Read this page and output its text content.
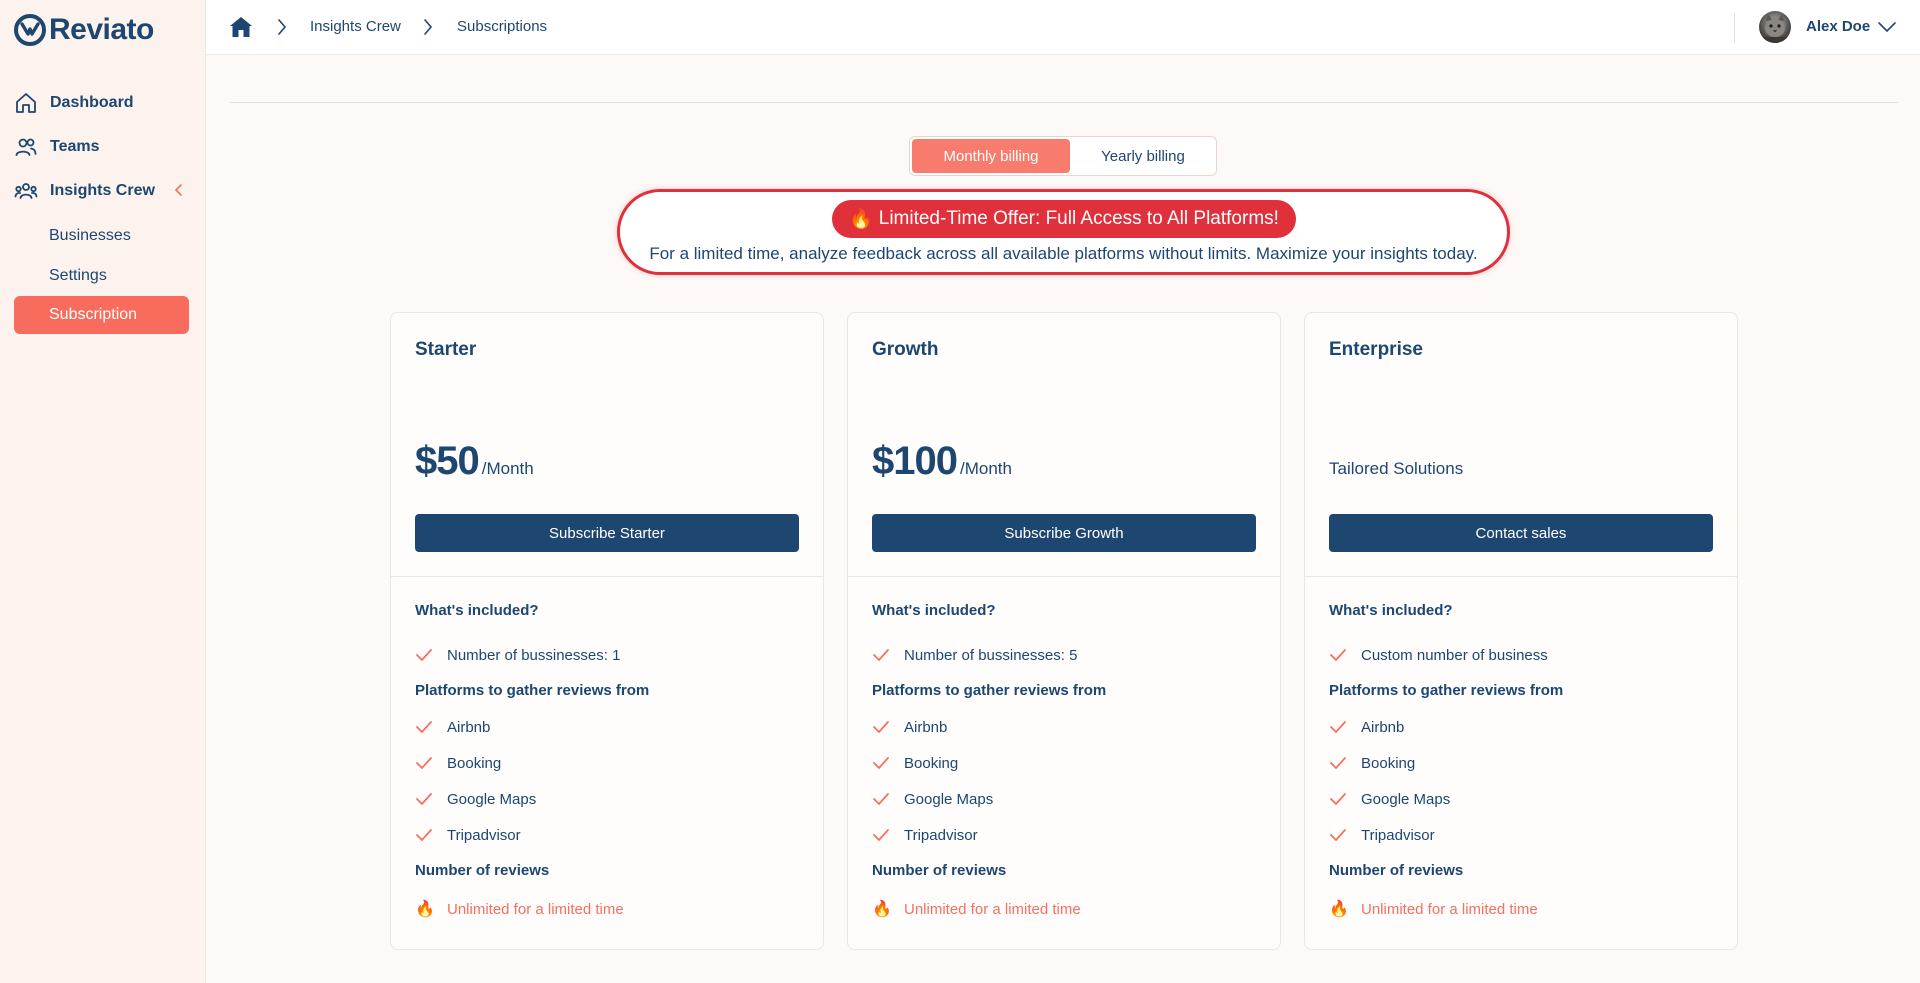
Reviato
Dashboard
Teams
Insights Crew
Businesses
Settings
Subscription
Insights Crew	Subscriptions	Alex Doe
Monthly billing	Yearly billing
🔥 Limited-Time Offer: Full Access to All Platforms!
For a limited time, analyze feedback across all available platforms without limits. Maximize your insights today.
Starter
$50 /Month
Subscribe Starter
What's included?
Number of bussinesses: 1
Platforms to gather reviews from
Airbnb
Booking
Google Maps
Tripadvisor
Number of reviews
🔥 Unlimited for a limited time
Growth
$100 /Month
Subscribe Growth
What's included?
Number of bussinesses: 5
Platforms to gather reviews from
Airbnb
Booking
Google Maps
Tripadvisor
Number of reviews
🔥 Unlimited for a limited time
Enterprise
Tailored Solutions
Contact sales
What's included?
Custom number of business
Platforms to gather reviews from
Airbnb
Booking
Google Maps
Tripadvisor
Number of reviews
🔥 Unlimited for a limited time
